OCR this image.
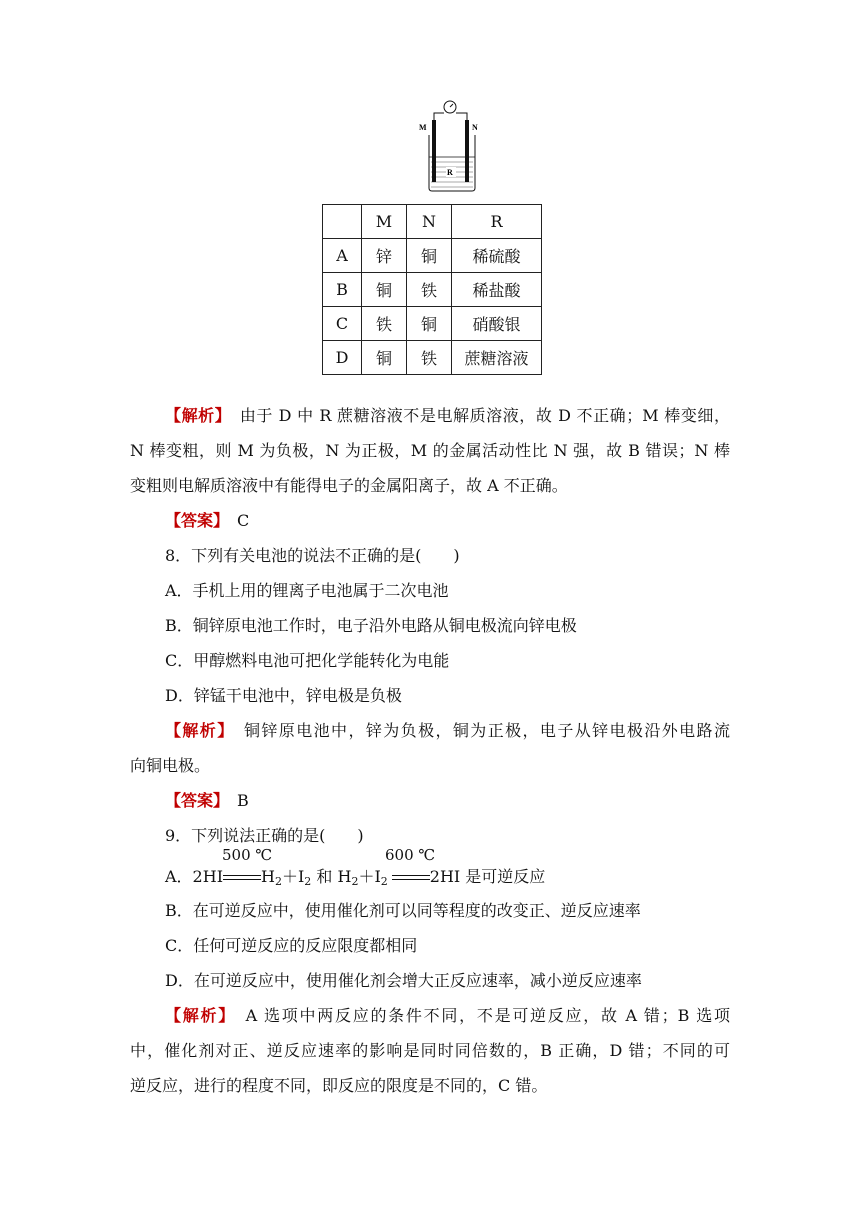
M	N
R
	M	N	R
A	锌	铜	稀硫酸
B	铜	铁	稀盐酸
C	铁	铜	硝酸银
D	铜	铁	蔗糖溶液
【解析】　 由于 D 中 R 蔗糖溶液不是电解质溶液，故 D 不正确；M 棒变细，
N 棒变粗，则 M 为负极，N 为正极，M 的金属活动性比 N 强，故 B 错误；N 棒
变粗则电解质溶液中有能得电子的金属阳离子，故 A 不正确。
【答案】　 C
8．下列有关电池的说法不正确的是(　　)
A．手机上用的锂离子电池属于二次电池
B．铜锌原电池工作时，电子沿外电路从铜电极流向锌电极
C．甲醇燃料电池可把化学能转化为电能
D．锌锰干电池中，锌电极是负极
【解析】　 铜锌原电池中，锌为负极，铜为正极，电子从锌电极沿外电路流
向铜电极。
【答案】　 B
9．下列说法正确的是(　　)
500 ℃	600 ℃
A．2HI $H_2+I_2$ 和 $H_2+I_2$	2HI 是可逆反应
B．在可逆反应中，使用催化剂可以同等程度的改变正、逆反应速率
C．任何可逆反应的反应限度都相同
D．在可逆反应中，使用催化剂会增大正反应速率，减小逆反应速率
【解析】　 A 选项中两反应的条件不同，不是可逆反应，故 A 错；B 选项
中，催化剂对正、逆反应速率的影响是同时同倍数的，B 正确，D 错；不同的可
逆反应，进行的程度不同，即反应的限度是不同的，C 错。
